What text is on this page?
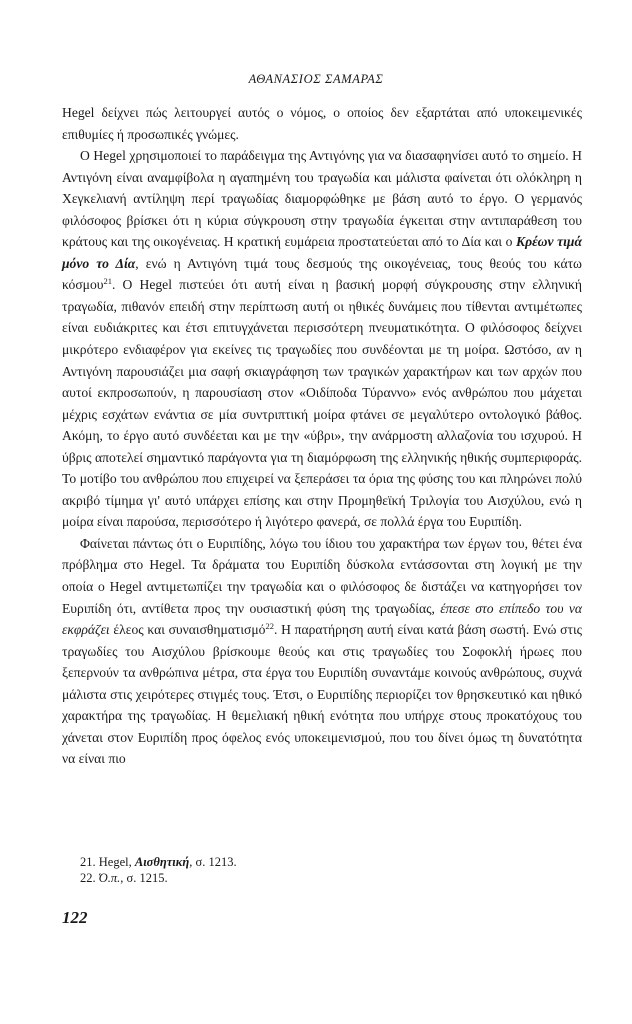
ΑΘΑΝΑΣΙΟΣ ΣΑΜΑΡΑΣ

Hegel δείχνει πώς λειτουργεί αυτός ο νόμος, ο οποίος δεν εξαρτάται από υποκειμενικές επιθυμίες ή προσωπικές γνώμες.

Ο Hegel χρησιμοποιεί το παράδειγμα της Αντιγόνης για να διασαφηνίσει αυτό το σημείο. Η Αντιγόνη είναι αναμφίβολα η αγαπημένη του τραγωδία και μάλιστα φαίνεται ότι ολόκληρη η Χεγκελιανή αντίληψη περί τραγωδίας διαμορφώθηκε με βάση αυτό το έργο. Ο γερμανός φιλόσοφος βρίσκει ότι η κύρια σύγκρουση στην τραγωδία έγκειται στην αντιπαράθεση του κράτους και της οικογένειας. Η κρατική ευμάρεια προστατεύεται από το Δία και ο Κρέων τιμά μόνο το Δία, ενώ η Αντιγόνη τιμά τους δεσμούς της οικογένειας, τους θεούς του κάτω κόσμου$^{21}$. Ο Hegel πιστεύει ότι αυτή είναι η βασική μορφή σύγκρουσης στην ελληνική τραγωδία, πιθανόν επειδή στην περίπτωση αυτή οι ηθικές δυνάμεις που τίθενται αντιμέτωπες είναι ευδιάκριτες και έτσι επιτυγχάνεται περισσότερη πνευματικότητα. Ο φιλόσοφος δείχνει μικρότερο ενδιαφέρον για εκείνες τις τραγωδίες που συνδέονται με τη μοίρα. Ωστόσο, αν η Αντιγόνη παρουσιάζει μια σαφή σκιαγράφηση των τραγικών χαρακτήρων και των αρχών που αυτοί εκπροσωπούν, η παρουσίαση στον «Οιδίποδα Τύραννο» ενός ανθρώπου που μάχεται μέχρις εσχάτων ενάντια σε μία συντριπτική μοίρα φτάνει σε μεγαλύτερο οντολογικό βάθος. Ακόμη, το έργο αυτό συνδέεται και με την «ύβρι», την ανάρμοστη αλλαζονία του ισχυρού. Η ύβρις αποτελεί σημαντικό παράγοντα για τη διαμόρφωση της ελληνικής ηθικής συμπεριφοράς. Το μοτίβο του ανθρώπου που επιχειρεί να ξεπεράσει τα όρια της φύσης του και πληρώνει πολύ ακριβό τίμημα γι' αυτό υπάρχει επίσης και στην Προμηθεϊκή Τριλογία του Αισχύλου, ενώ η μοίρα είναι παρούσα, περισσότερο ή λιγότερο φανερά, σε πολλά έργα του Ευριπίδη.

Φαίνεται πάντως ότι ο Ευριπίδης, λόγω του ίδιου του χαρακτήρα των έργων του, θέτει ένα πρόβλημα στο Hegel. Τα δράματα του Ευριπίδη δύσκολα εντάσσονται στη λογική με την οποία ο Hegel αντιμετωπίζει την τραγωδία και ο φιλόσοφος δε διστάζει να κατηγορήσει τον Ευριπίδη ότι, αντίθετα προς την ουσιαστική φύση της τραγωδίας, έπεσε στο επίπεδο του να εκφράζει έλεος και συναισθηματισμό$^{22}$. Η παρατήρηση αυτή είναι κατά βάση σωστή. Ενώ στις τραγωδίες του Αισχύλου βρίσκουμε θεούς και στις τραγωδίες του Σοφοκλή ήρωες που ξεπερνούν τα ανθρώπινα μέτρα, στα έργα του Ευριπίδη συναντάμε κοινούς ανθρώπους, συχνά μάλιστα στις χειρότερες στιγμές τους. Έτσι, ο Ευριπίδης περιορίζει τον θρησκευτικό και ηθικό χαρακτήρα της τραγωδίας. Η θεμελιακή ηθική ενότητα που υπήρχε στους προκατόχους του χάνεται στον Ευριπίδη προς όφελος ενός υποκειμενισμού, που του δίνει όμως τη δυνατότητα να είναι πιο

21. Hegel, Αισθητική, σ. 1213.
22. Ό.π., σ. 1215.
122
